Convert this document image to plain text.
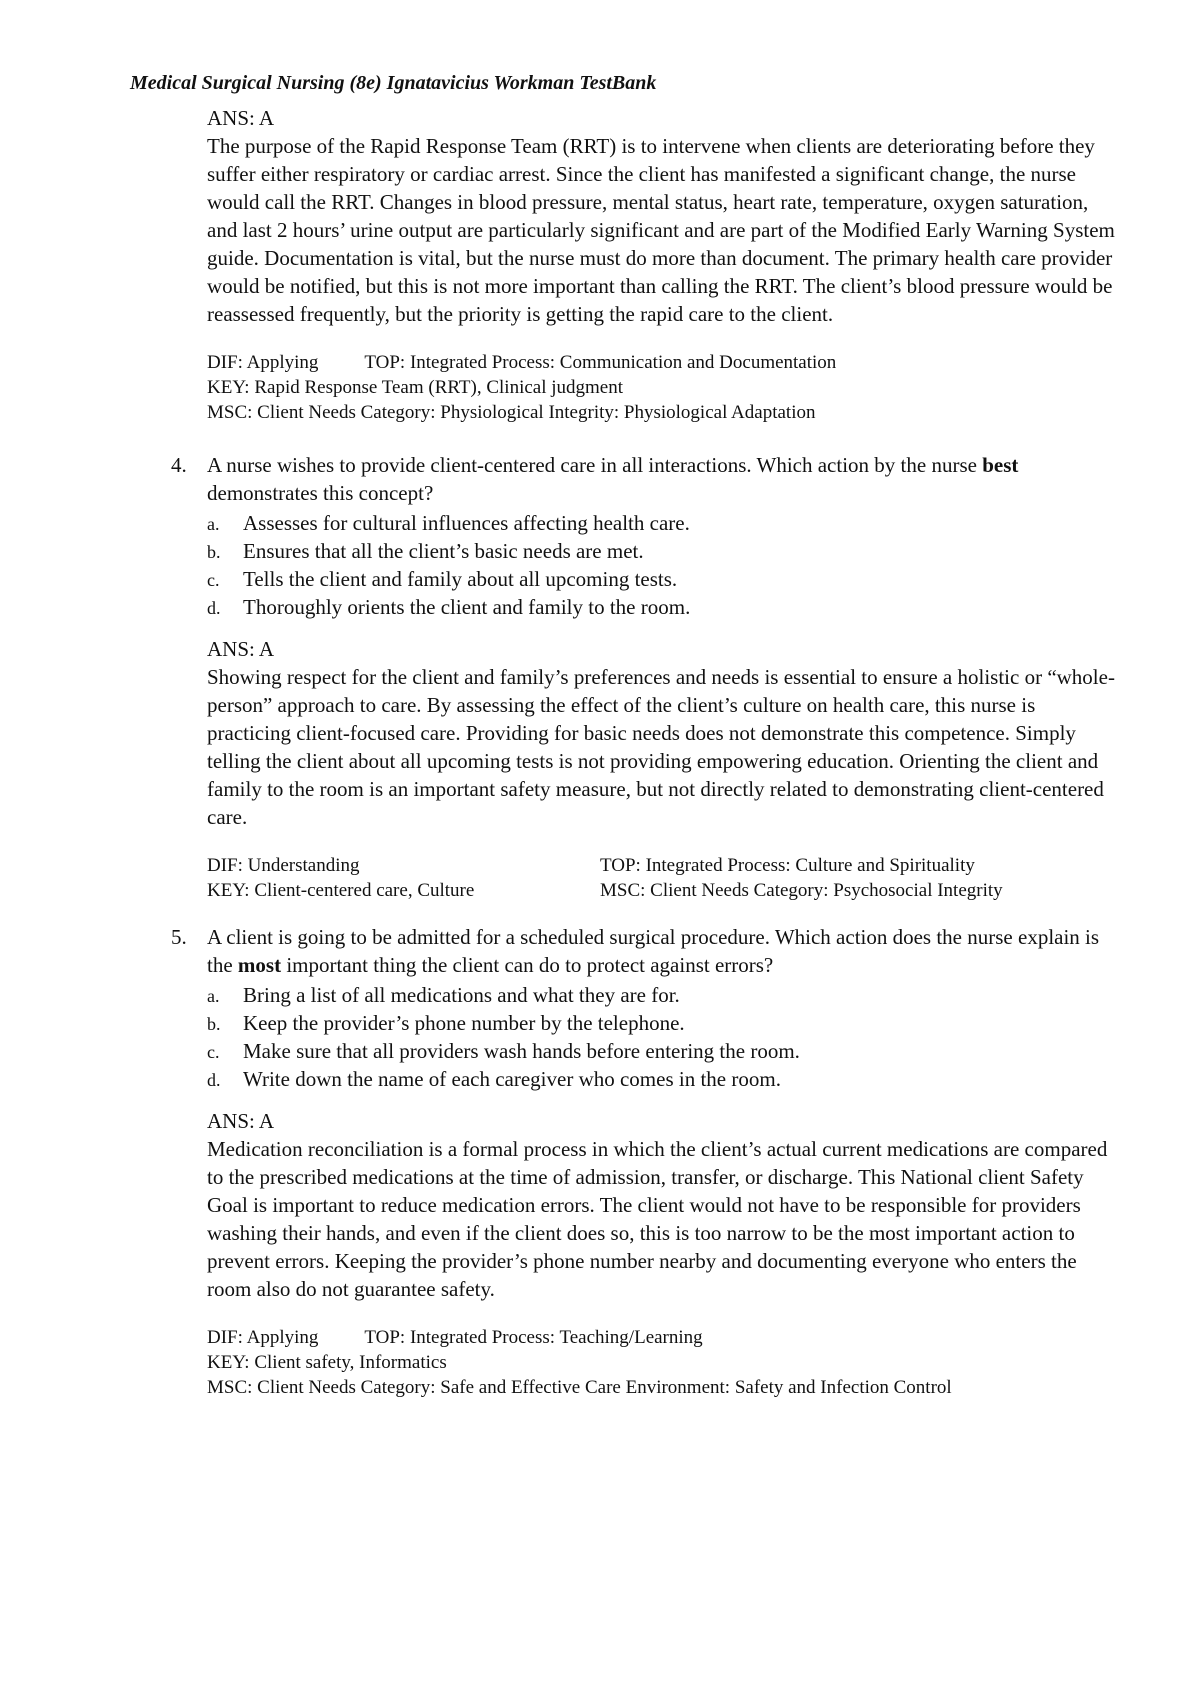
Medical Surgical Nursing (8e) Ignatavicius Workman TestBank

ANS: A

The purpose of the Rapid Response Team (RRT) is to intervene when clients are deteriorating before they suffer either respiratory or cardiac arrest. Since the client has manifested a significant change, the nurse would call the RRT. Changes in blood pressure, mental status, heart rate, temperature, oxygen saturation, and last 2 hours’ urine output are particularly significant and are part of the Modified Early Warning System guide. Documentation is vital, but the nurse must do more than document. The primary health care provider would be notified, but this is not more important than calling the RRT. The client’s blood pressure would be reassessed frequently, but the priority is getting the rapid care to the client.

DIF: Applying TOP: Integrated Process: Communication and Documentation
KEY: Rapid Response Team (RRT), Clinical judgment
MSC: Client Needs Category: Physiological Integrity: Physiological Adaptation
4. A nurse wishes to provide client-centered care in all interactions. Which action by the nurse best demonstrates this concept?
a. Assesses for cultural influences affecting health care.
b. Ensures that all the client’s basic needs are met.
c. Tells the client and family about all upcoming tests.
d. Thoroughly orients the client and family to the room.

ANS: A

Showing respect for the client and family’s preferences and needs is essential to ensure a holistic or “whole-person” approach to care. By assessing the effect of the client’s culture on health care, this nurse is practicing client-focused care. Providing for basic needs does not demonstrate this competence. Simply telling the client about all upcoming tests is not providing empowering education. Orienting the client and family to the room is an important safety measure, but not directly related to demonstrating client-centered care.

DIF: Understanding	TOP: Integrated Process: Culture and Spirituality
KEY: Client-centered care, Culture	MSC: Client Needs Category: Psychosocial Integrity
5. A client is going to be admitted for a scheduled surgical procedure. Which action does the nurse explain is the most important thing the client can do to protect against errors?
a. Bring a list of all medications and what they are for.
b. Keep the provider’s phone number by the telephone.
c. Make sure that all providers wash hands before entering the room.
d. Write down the name of each caregiver who comes in the room.

ANS: A

Medication reconciliation is a formal process in which the client’s actual current medications are compared to the prescribed medications at the time of admission, transfer, or discharge. This National client Safety Goal is important to reduce medication errors. The client would not have to be responsible for providers washing their hands, and even if the client does so, this is too narrow to be the most important action to prevent errors. Keeping the provider’s phone number nearby and documenting everyone who enters the room also do not guarantee safety.

DIF: Applying TOP: Integrated Process: Teaching/Learning
KEY: Client safety, Informatics
MSC: Client Needs Category: Safe and Effective Care Environment: Safety and Infection Control
